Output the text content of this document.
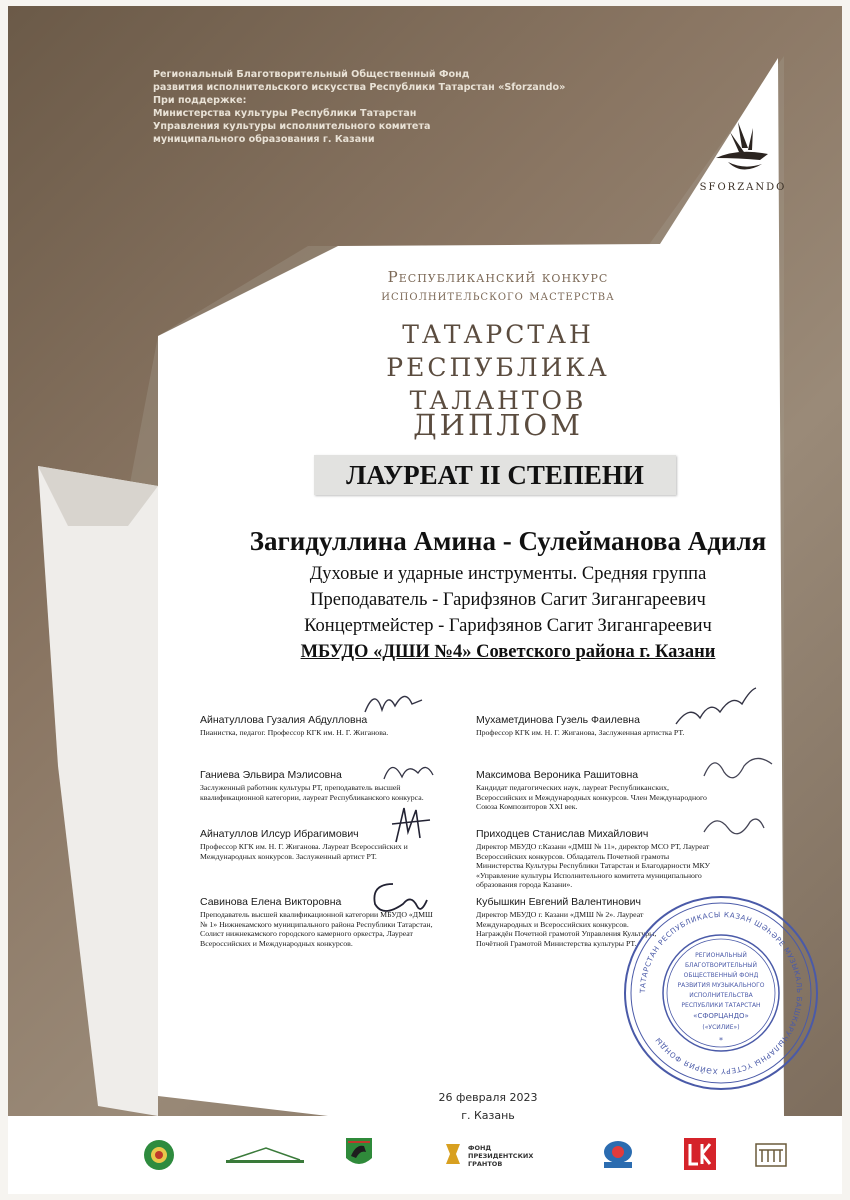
Региональный Благотворительный Общественный Фонд
развития исполнительского искусства Республики Татарстан «Sforzando»
При поддержке:
Министерства культуры Республики Татарстан
Управления культуры исполнительного комитета
муниципального образования г. Казани
SFORZANDO
Республиканский конкурс
исполнительского мастерства
ТАТАРСТАН
РЕСПУБЛИКА ТАЛАНТОВ
ДИПЛОМ
ЛАУРЕАТ II СТЕПЕНИ
Загидуллина Амина - Сулейманова Адиля
Духовые и ударные инструменты. Средняя группа
Преподаватель - Гарифзянов Сагит Зигангареевич
Концертмейстер - Гарифзянов Сагит Зигангареевич
МБУДО «ДШИ №4» Советского района г. Казани
Айнатуллова Гузалия Абдулловна
Пианистка, педагог. Профессор КГК им. Н. Г. Жиганова.
Ганиева Эльвира Мэлисовна
Заслуженный работник культуры РТ, преподаватель высшей квалификационной категории, лауреат Республиканского конкурса.
Айнатуллов Илсур Ибрагимович
Профессор КГК им. Н. Г. Жиганова. Лауреат Всероссийских и Международных конкурсов. Заслуженный артист РТ.
Савинова Елена Викторовна
Преподаватель высшей квалификационной категории МБУДО «ДМШ № 1» Нижнекамского муниципального района Республики Татарстан, Солист нижнекамского городского камерного оркестра, Лауреат Всероссийских и Международных конкурсов.
Мухаметдинова Гузель Фаилевна
Профессор КГК им. Н. Г. Жиганова, Заслуженная артистка РТ.
Максимова Вероника Рашитовна
Кандидат педагогических наук, лауреат Республиканских, Всероссийских и Международных конкурсов. Член Международного Союза Композиторов XXI век.
Приходцев Станислав Михайлович
Директор МБУДО г.Казани «ДМШ № 11», директор МСО РТ, Лауреат Всероссийских конкурсов. Обладатель Почетной грамоты Министерства Культуры Республики Татарстан и Благодарности МКУ «Управление культуры Исполнительного комитета муниципального образования города Казани».
Кубышкин Евгений Валентинович
Директор МБУДО г. Казани «ДМШ № 2». Лауреат Международных и Всероссийских конкурсов. Награждён Почетной грамотой Управления Культуры, Почётной Грамотой Министерства культуры РТ.
РЕГИОНАЛЬНЫЙ
БЛАГОТВОРИТЕЛЬНЫЙ
ОБЩЕСТВЕННЫЙ ФОНД
РАЗВИТИЯ МУЗЫКАЛЬНОГО
ИСПОЛНИТЕЛЬСТВА
РЕСПУБЛИКИ ТАТАРСТАН
«СФОРЦАНДО»
(«УСИЛИЕ»)
*
ТАТАРСТАН РЕСПУБЛИКАСЫ КАЗАН ШӘҺӘРЕ МУЗЫКАЛЬ БАШКАРУЧЫЛАРНЫ ҮСТЕРҮ ХӘЙРИЯ ФОНДЫ
26 февраля 2023
г. Казань
ФОНД ПРЕЗИДЕНТСКИХ ГРАНТОВ
